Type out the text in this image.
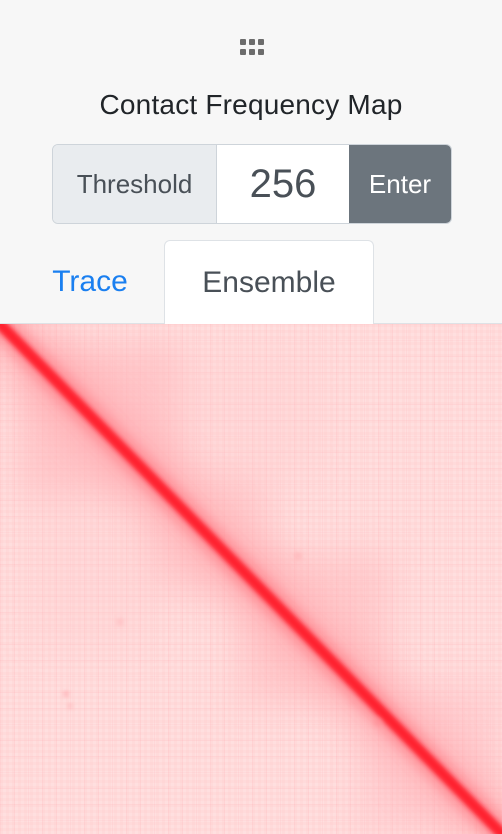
Contact Frequency Map
Threshold
256	Enter
Trace	Ensemble
